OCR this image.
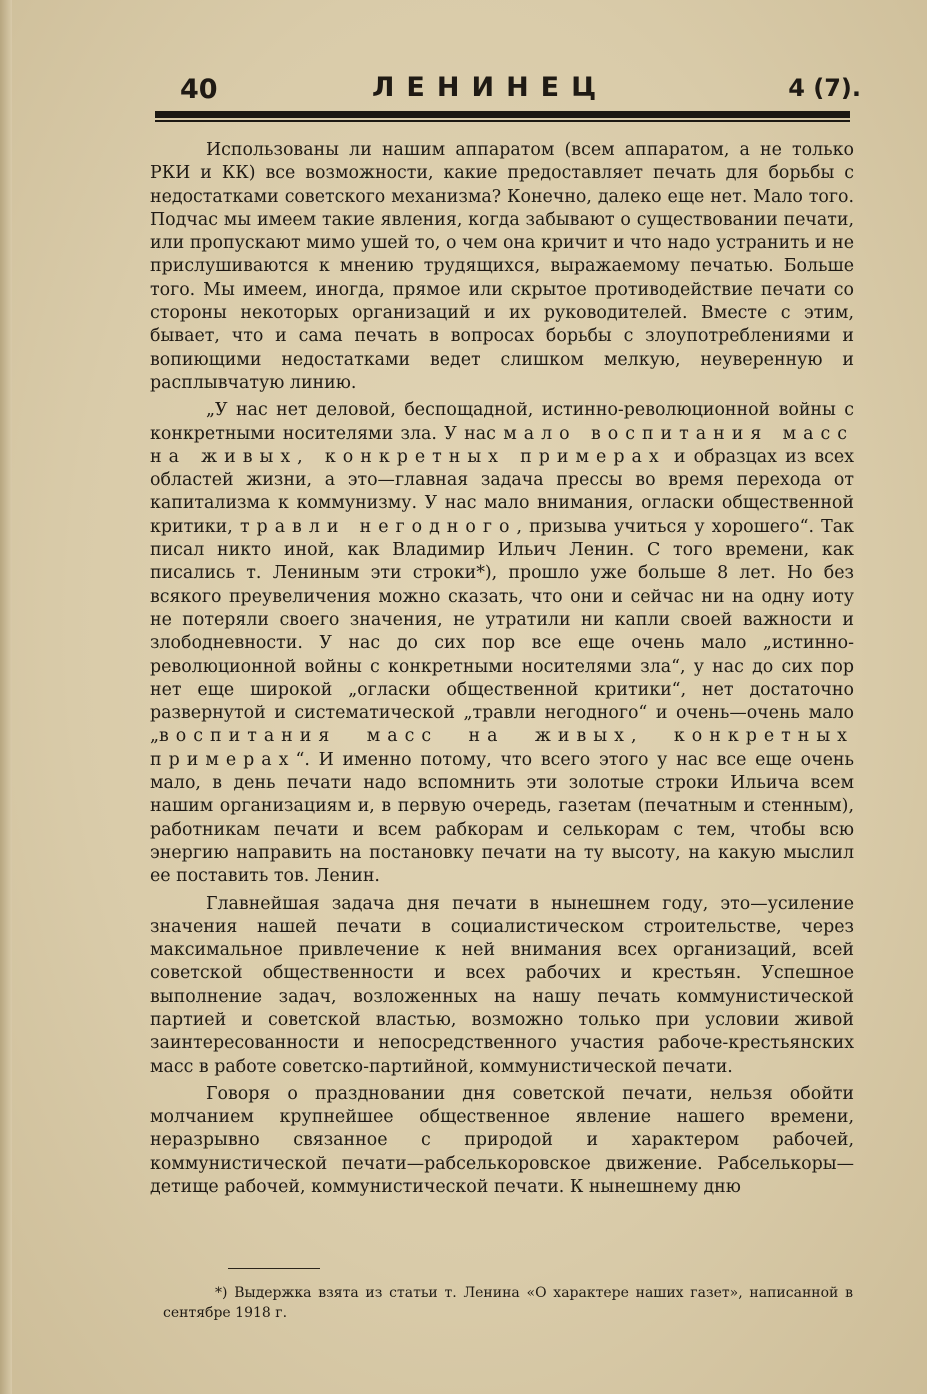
40	ЛЕНИНЕЦ	4 (7).

Использованы ли нашим аппаратом (всем аппаратом, а не только РКИ и КК) все возможности, какие предоставляет печать для борьбы с недостатками советского механизма? Конечно, далеко еще нет. Мало того. Подчас мы имеем такие явления, когда забывают о существовании печати, или пропускают мимо ушей то, о чем она кричит и что надо устранить и не прислушиваются к мнению трудящихся, выражаемому печатью. Больше того. Мы имеем, иногда, прямое или скрытое противодействие печати со стороны некоторых организаций и их руководителей. Вместе с этим, бывает, что и сама печать в вопросах борьбы с злоупотреблениями и вопиющими недостатками ведет слишком мелкую, неуверенную и расплывчатую линию.

„У нас нет деловой, беспощадной, истинно-революционной войны с конкретными носителями зла. У нас мало воспитания масс на живых, конкретных примерах и образцах из всех областей жизни, а это—главная задача прессы во время перехода от капитализма к коммунизму. У нас мало внимания, огласки общественной критики, травли негодного, призыва учиться у хорошего“. Так писал никто иной, как Владимир Ильич Ленин. С того времени, как писались т. Лениным эти строки*), прошло уже больше 8 лет. Но без всякого преувеличения можно сказать, что они и сейчас ни на одну иоту не потеряли своего значения, не утратили ни капли своей важности и злободневности. У нас до сих пор все еще очень мало „истинно-революционной войны с конкретными носителями зла“, у нас до сих пор нет еще широкой „огласки общественной критики“, нет достаточно развернутой и систематической „травли негодного“ и очень—очень мало „воспитания масс на живых, конкретных примерах“. И именно потому, что всего этого у нас все еще очень мало, в день печати надо вспомнить эти золотые строки Ильича всем нашим организациям и, в первую очередь, газетам (печатным и стенным), работникам печати и всем рабкорам и селькорам с тем, чтобы всю энергию направить на постановку печати на ту высоту, на какую мыслил ее поставить тов. Ленин.

Главнейшая задача дня печати в нынешнем году, это—усиление значения нашей печати в социалистическом строительстве, через максимальное привлечение к ней внимания всех организаций, всей советской общественности и всех рабочих и крестьян. Успешное выполнение задач, возложенных на нашу печать коммунистической партией и советской властью, возможно только при условии живой заинтересованности и непосредственного участия рабоче-крестьянских масс в работе советско-партийной, коммунистической печати.

Говоря о праздновании дня советской печати, нельзя обойти молчанием крупнейшее общественное явление нашего времени, неразрывно связанное с природой и характером рабочей, коммунистической печати—рабселькоровское движение. Рабселькоры—детище рабочей, коммунистической печати. К нынешнему дню

*) Выдержка взята из статьи т. Ленина «О характере наших газет», написанной в сентябре 1918 г.
